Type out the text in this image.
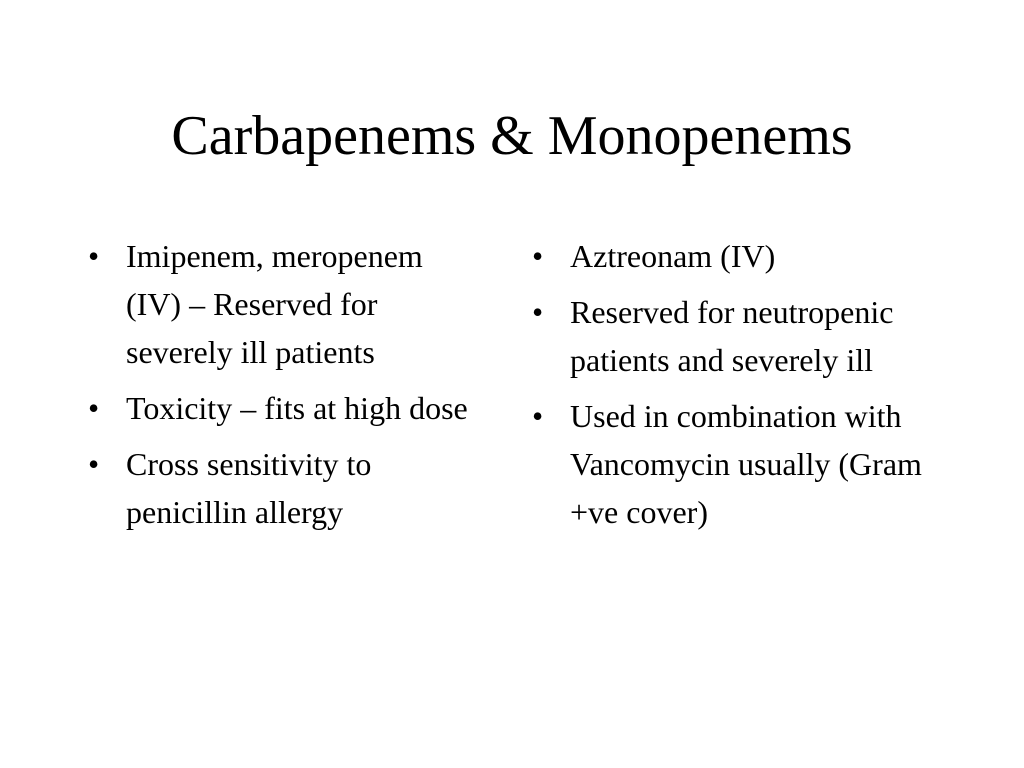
Carbapenems & Monopenems
• Imipenem, meropenem (IV) – Reserved for severely ill patients
• Toxicity – fits at high dose
• Cross sensitivity to penicillin allergy
• Aztreonam (IV)
• Reserved for neutropenic patients and severely ill
• Used in combination with Vancomycin usually (Gram +ve cover)
